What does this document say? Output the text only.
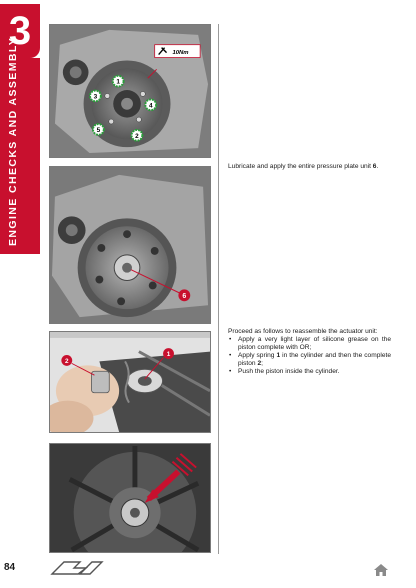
3
ENGINE CHECKS AND ASSEMBLY	10Nm
1
2
3
4
5
6
1
2
Lubricate and apply the entire pressure plate unit 6.
Proceed as follows to reassemble the actuator unit:
• Apply a very light layer of silicone grease on the piston complete with OR;
• Apply spring 1 in the cylinder and then the complete piston 2;
• Push the piston inside the cylinder.
84
